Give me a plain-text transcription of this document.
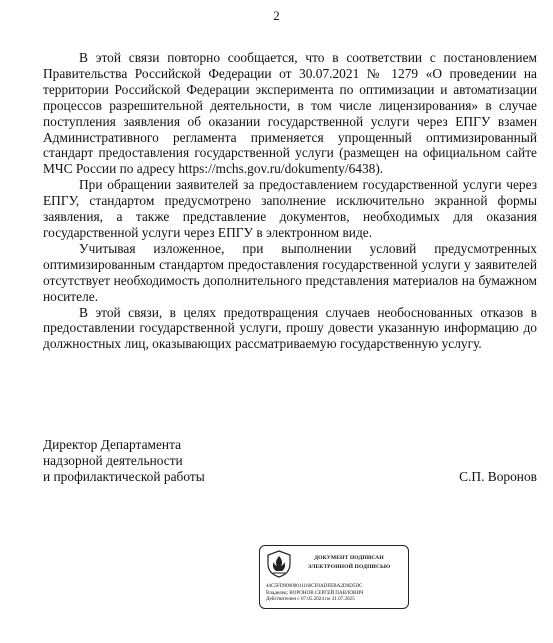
2

В этой связи повторно сообщается, что в соответствии с постановлением Правительства Российской Федерации от 30.07.2021 № 1279 «О проведении на территории Российской Федерации эксперимента по оптимизации и автоматизации процессов разрешительной деятельности, в том числе лицензирования» в случае поступления заявления об оказании государственной услуги через ЕПГУ взамен Административного регламента применяется упрощенный оптимизированный стандарт предоставления государственной услуги (размещен на официальном сайте МЧС России по адресу https://mchs.gov.ru/dokumenty/6438).

При обращении заявителей за предоставлением государственной услуги через ЕПГУ, стандартом предусмотрено заполнение исключительно экранной формы заявления, а также представление документов, необходимых для оказания государственной услуги через ЕПГУ в электронном виде.

Учитывая изложенное, при выполнении условий предусмотренных оптимизированным стандартом предоставления государственной услуги у заявителей отсутствует необходимость дополнительного представления материалов на бумажном носителе.

В этой связи, в целях предотвращения случаев необоснованных отказов в предоставлении государственной услуги, прошу довести указанную информацию до должностных лиц, оказывающих рассматриваемую государственную услугу.

Директор Департамента
надзорной деятельности
и профилактической работы	С.П. Воронов
ДОКУМЕНТ ПОДПИСАН
ЭЛЕКТРОННОЙ ПОДПИСЬЮ
44C5FD90000011166CF0ADFEBA2D0D5DC
Владелец: ВОРОНОВ СЕРГЕЙ ПАВЛОВИЧ
Действителен с 07.05.2024 по 31.07.2025
